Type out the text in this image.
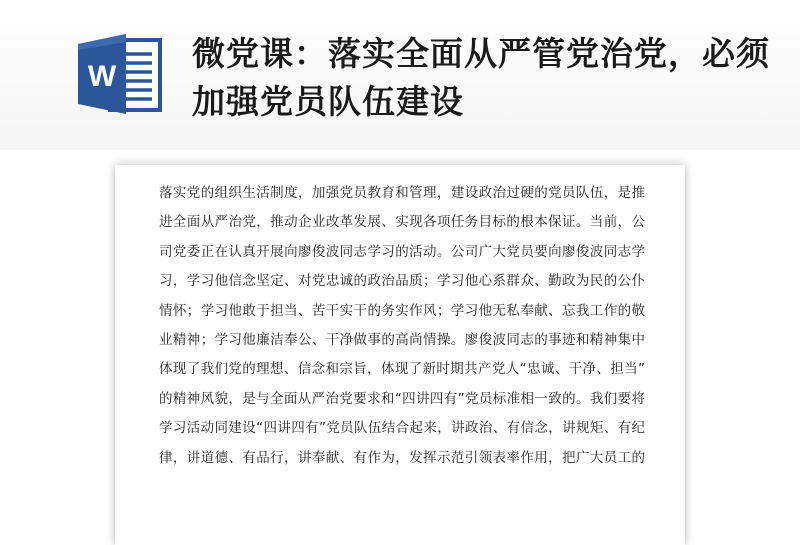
W
微党课：落实全面从严管党治党，必须加强党员队伍建设
落实党的组织生活制度，加强党员教育和管理，建设政治过硬的党员队伍，是推
进全面从严治党，推动企业改革发展、实现各项任务目标的根本保证。当前，公
司党委正在认真开展向廖俊波同志学习的活动。公司广大党员要向廖俊波同志学
习，学习他信念坚定、对党忠诚的政治品质；学习他心系群众、勤政为民的公仆
情怀；学习他敢于担当、苦干实干的务实作风；学习他无私奉献、忘我工作的敬
业精神；学习他廉洁奉公、干净做事的高尚情操。廖俊波同志的事迹和精神集中
体现了我们党的理想、信念和宗旨，体现了新时期共产党人“忠诚、干净、担当”
的精神风貌，是与全面从严治党要求和“四讲四有”党员标准相一致的。我们要将
学习活动同建设“四讲四有”党员队伍结合起来，讲政治、有信念，讲规矩、有纪
律，讲道德、有品行，讲奉献、有作为，发挥示范引领表率作用，把广大员工的
